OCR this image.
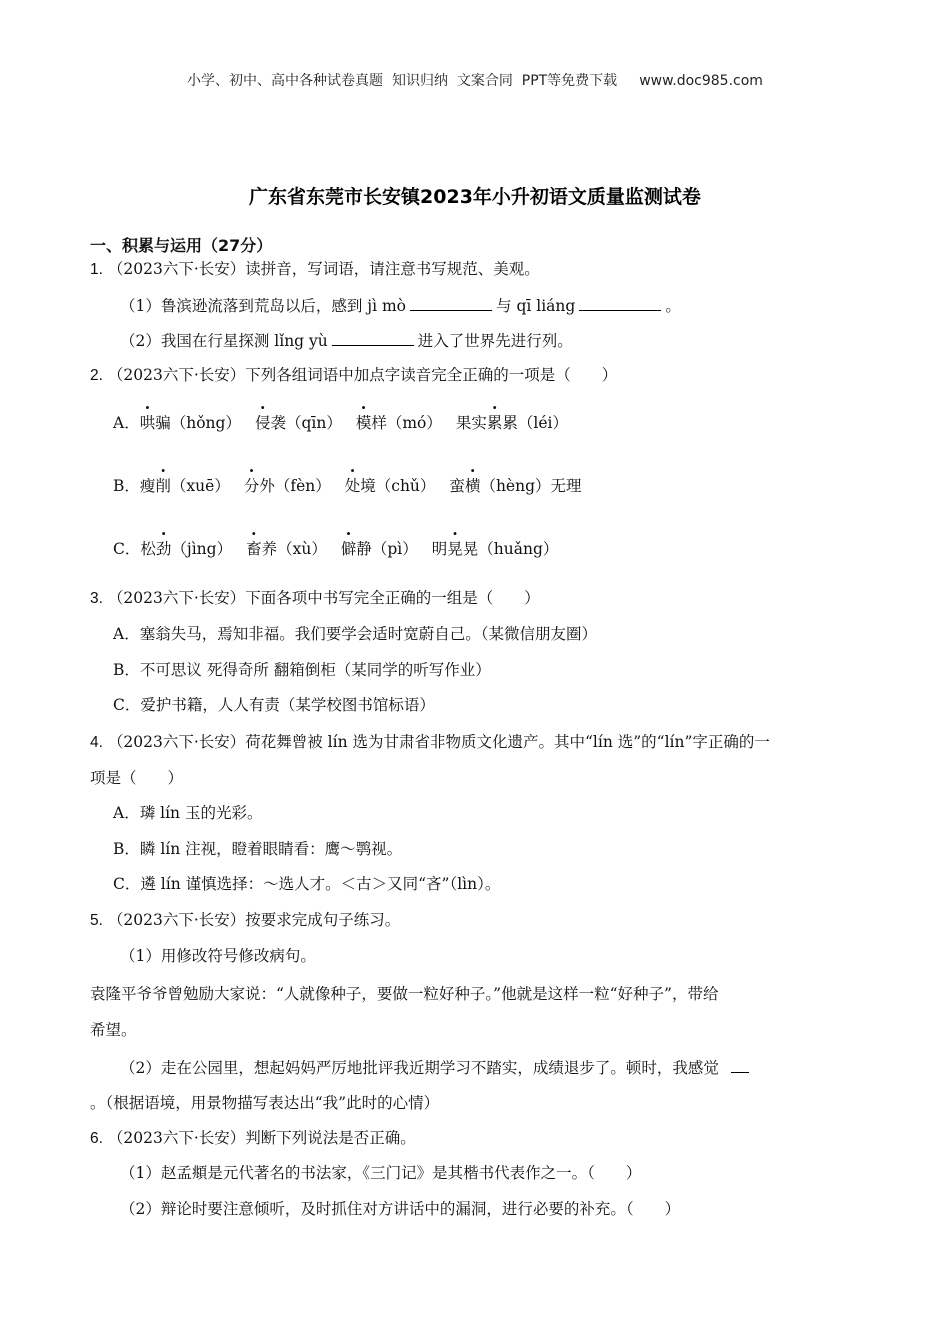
小学、初中、高中各种试卷真题  知识归纳  文案合同  PPT等免费下载 www.doc985.com
广东省东莞市长安镇2023年小升初语文质量监测试卷
一、积累与运用（27分）
1. （2023六下·长安）读拼音，写词语，请注意书写规范、美观。
（1）鲁滨逊流落到荒岛以后，感到 jì mò	与 qī liáng	。
（2）我国在行星探测 lǐng yù	进入了世界先进行列。
2. （2023六下·长安）下列各组词语中加点字读音完全正确的一项是（　　）
A．哄骗（hǒng） 侵袭（qīn） 模样（mó） 果实累累（léi）
B．瘦削（xuē） 分外（fèn） 处境（chǔ） 蛮横（hèng）无理
C．松劲（jìng） 畜养（xù） 僻静（pì） 明晃晃（huǎng）
3. （2023六下·长安）下面各项中书写完全正确的一组是（　　）
A．塞翁失马，焉知非福。我们要学会适时宽蔚自己。（某微信朋友圈）
B．不可思议 死得奇所 翻箱倒柜（某同学的听写作业）
C．爱护书籍，人人有责（某学校图书馆标语）
4. （2023六下·长安）荷花舞曾被 lín 选为甘肃省非物质文化遗产。其中“lín 选”的“lín”字正确的一
项是（　　）
A．璘 lín 玉的光彩。
B．瞵 lín 注视，瞪着眼睛看：鹰～鹗视。
C．遴 lín 谨慎选择：～选人才。＜古＞又同“吝”（lìn）。
5. （2023六下·长安）按要求完成句子练习。
（1）用修改符号修改病句。
袁隆平爷爷曾勉励大家说：“人就像种子，要做一粒好种子。”他就是这样一粒“好种子”，带给
希望。
（2）走在公园里，想起妈妈严厉地批评我近期学习不踏实，成绩退步了。顿时，我感觉
。（根据语境，用景物描写表达出“我”此时的心情）
6. （2023六下·长安）判断下列说法是否正确。
（1）赵孟頫是元代著名的书法家，《三门记》是其楷书代表作之一。（　　）
（2）辩论时要注意倾听，及时抓住对方讲话中的漏洞，进行必要的补充。（　　）
